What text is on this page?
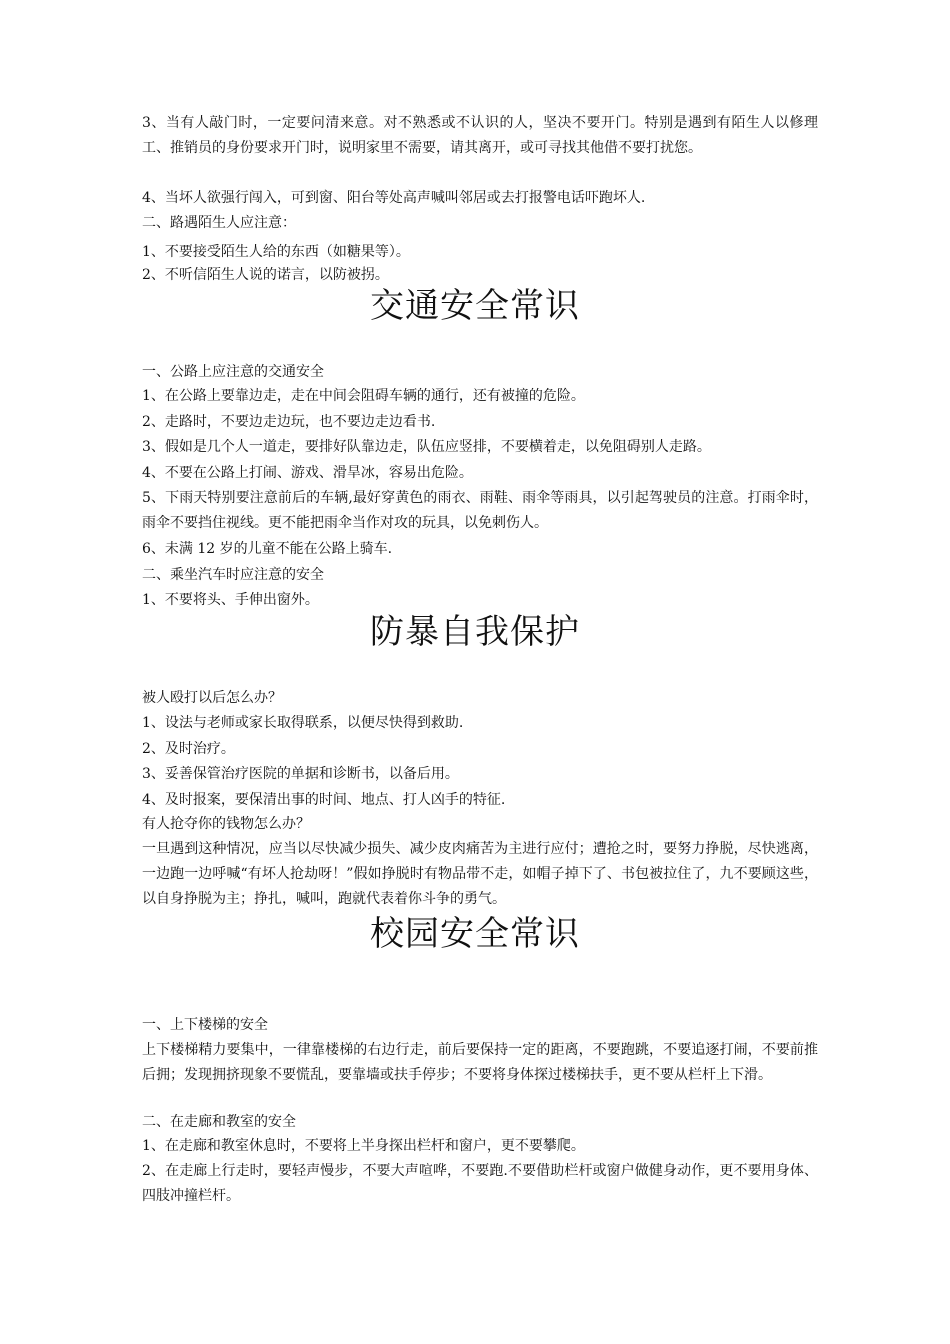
3、当有人敲门时，一定要问清来意。对不熟悉或不认识的人，坚决不要开门。特别是遇到有陌生人以修理工、推销员的身份要求开门时，说明家里不需要，请其离开，或可寻找其他借不要打扰您。

4、当坏人欲强行闯入，可到窗、阳台等处高声喊叫邻居或去打报警电话吓跑坏人.

二、路遇陌生人应注意：

1、不要接受陌生人给的东西（如糖果等）。

2、不听信陌生人说的诺言，以防被拐。

交通安全常识

一、公路上应注意的交通安全

1、在公路上要靠边走，走在中间会阻碍车辆的通行，还有被撞的危险。

2、走路时，不要边走边玩，也不要边走边看书.

3、假如是几个人一道走，要排好队靠边走，队伍应竖排，不要横着走，以免阻碍别人走路。

4、不要在公路上打闹、游戏、滑旱冰，容易出危险。

5、下雨天特别要注意前后的车辆,最好穿黄色的雨衣、雨鞋、雨伞等雨具，以引起驾驶员的注意。打雨伞时，雨伞不要挡住视线。更不能把雨伞当作对攻的玩具，以免刺伤人。

6、未满 12 岁的儿童不能在公路上骑车.

二、乘坐汽车时应注意的安全

1、不要将头、手伸出窗外。

防暴自我保护

被人殴打以后怎么办？

1、设法与老师或家长取得联系，以便尽快得到救助.

2、及时治疗。

3、妥善保管治疗医院的单据和诊断书，以备后用。

4、及时报案，要保清出事的时间、地点、打人凶手的特征.

有人抢夺你的钱物怎么办？

一旦遇到这种情况，应当以尽快减少损失、减少皮肉痛苦为主进行应付；遭抢之时，要努力挣脱，尽快逃离，一边跑一边呼喊“有坏人抢劫呀！”假如挣脱时有物品带不走，如帽子掉下了、书包被拉住了，九不要顾这些，以自身挣脱为主；挣扎，喊叫，跑就代表着你斗争的勇气。

校园安全常识

一、上下楼梯的安全

上下楼梯精力要集中，一律靠楼梯的右边行走，前后要保持一定的距离，不要跑跳，不要追逐打闹，不要前推后拥；发现拥挤现象不要慌乱，要靠墙或扶手停步；不要将身体探过楼梯扶手，更不要从栏杆上下滑。

二、在走廊和教室的安全

1、在走廊和教室休息时，不要将上半身探出栏杆和窗户，更不要攀爬。

2、在走廊上行走时，要轻声慢步，不要大声喧哗，不要跑.不要借助栏杆或窗户做健身动作，更不要用身体、四肢冲撞栏杆。
